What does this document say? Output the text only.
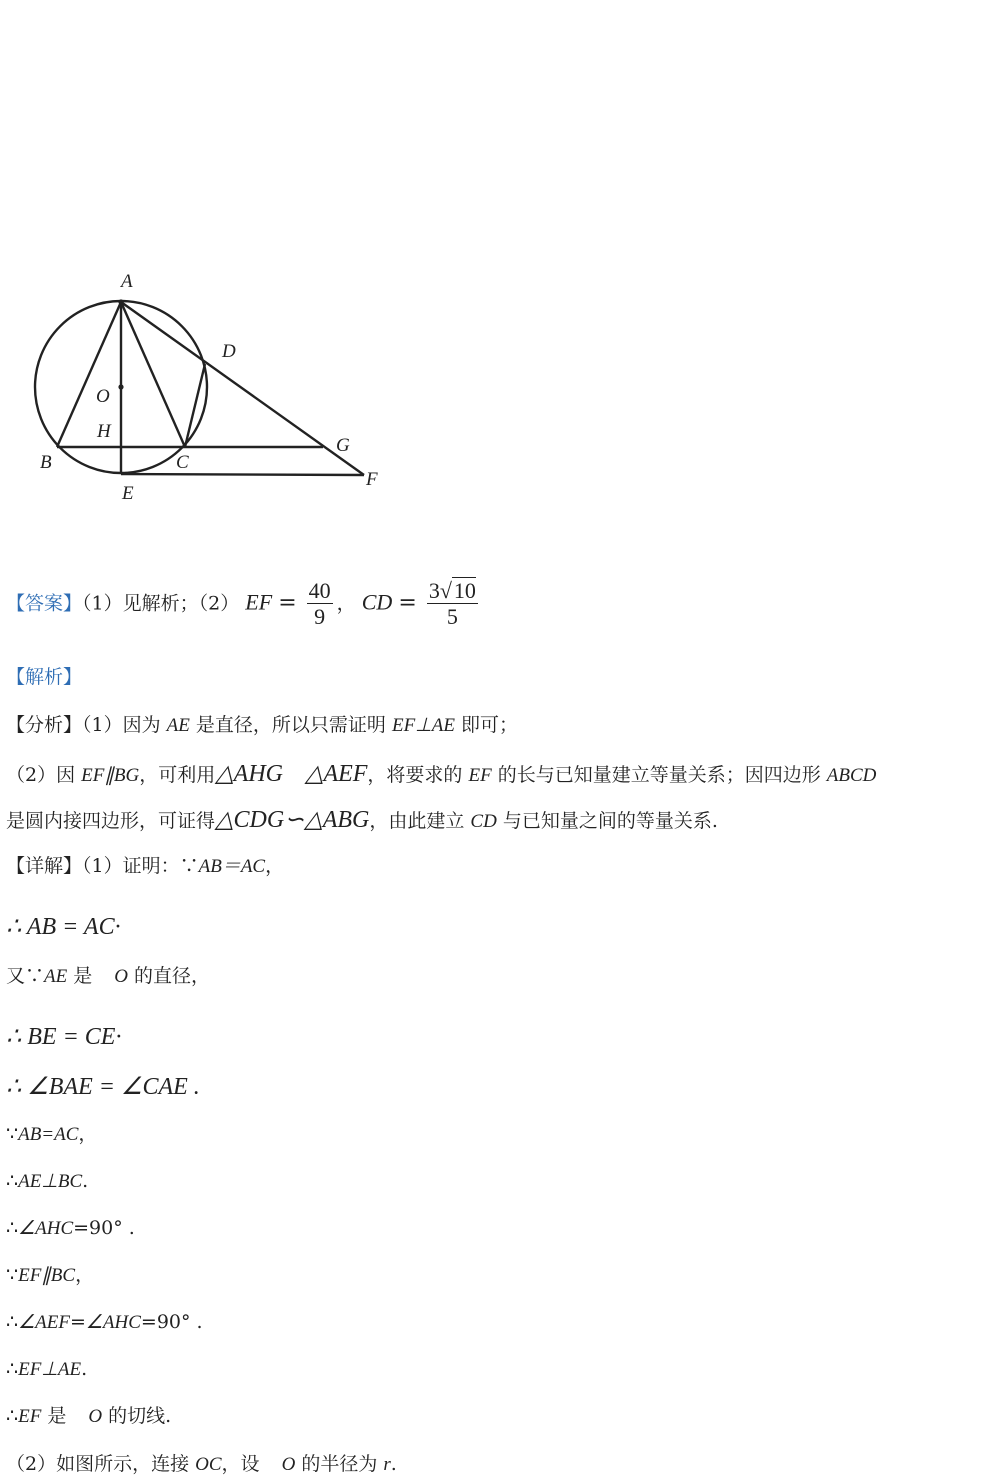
A
D
O
H
G
B	C
E
F
【答案】（1）见解析；（2） EF = $\frac{40}{9}$ ， CD = $\frac{3√10}{5}$
【解析】
【分析】（1）因为 AE 是直径，所以只需证明 EF⊥AE 即可；
（2）因 EF∥BG，可利用△AHG △AEF，将要求的 EF 的长与已知量建立等量关系；因四边形 ABCD
是圆内接四边形，可证得△CDG∽△ABG，由此建立 CD 与已知量之间的等量关系.
【详解】（1）证明：∵AB＝AC，
∴ AB = AC·
又∵AE 是 O 的直径，
∴ BE = CE·
∴ ∠BAE = ∠CAE .
∵AB=AC，
∴AE⊥BC.
∴∠AHC=90° .
∵EF∥BC，
∴∠AEF=∠AHC=90° .
∴EF⊥AE.
∴EF 是 O 的切线.
（2）如图所示，连接 OC，设 O 的半径为 r.
